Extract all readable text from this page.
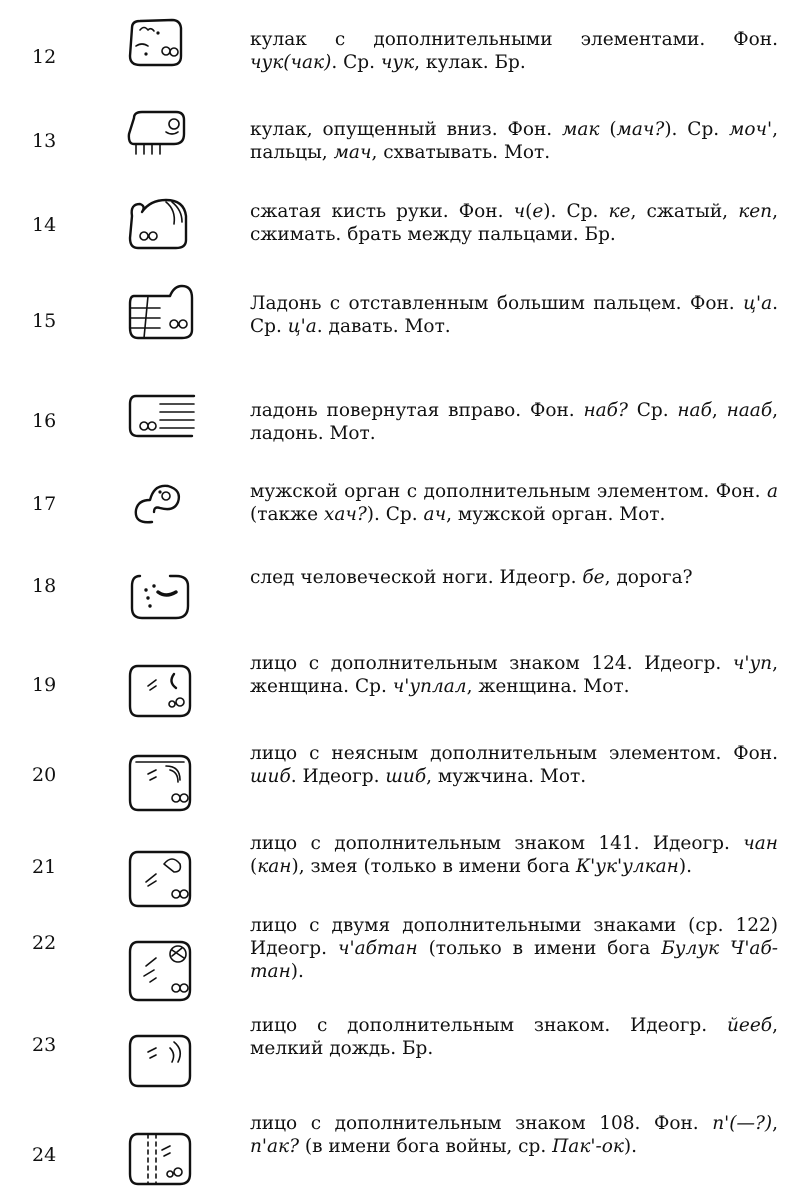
12
кулак с дополнительными элементами. Фон. чук(чак). Ср. чук, кулак. Бр.
13
кулак, опущенный вниз. Фон. мак (мач?). Ср. моч', пальцы, мач, схватывать. Мот.
14
сжатая кисть руки. Фон. ч(е). Ср. ке, сжатый, кеп, сжимать. брать между пальцами. Бр.
15
Ладонь с отставленным большим пальцем. Фон. ц'а. Ср. ц'а. давать. Мот.
16	ладонь повернутая вправо. Фон. наб? Ср. наб, нааб, ладонь. Мот.
17
мужской орган с дополнительным элементом. Фон. а (также хач?). Ср. ач, мужской орган. Мот.
18	след человеческой ноги. Идеогр. бе, дорога?
19
лицо с дополнительным знаком 124. Идеогр. ч'уп, женщина. Ср. ч'уплал, женщина. Мот.
20
лицо с неясным дополнительным элементом. Фон. шиб. Идеогр. шиб, мужчина. Мот.
21
лицо с дополнительным знаком 141. Идеогр. чан (кан), змея (только в имени бога К'ук'улкан).
22
лицо с двумя дополнительными знаками (ср. 122) Идеогр. ч'абтан (только в имени бога Булук Ч'аб-тан).
23
лицо с дополнительным знаком. Идеогр. йееб, мелкий дождь. Бр.
24
лицо с дополнительным знаком 108. Фон. п'(—?), п'ак? (в имени бога войны, ср. Пак'-ок).
